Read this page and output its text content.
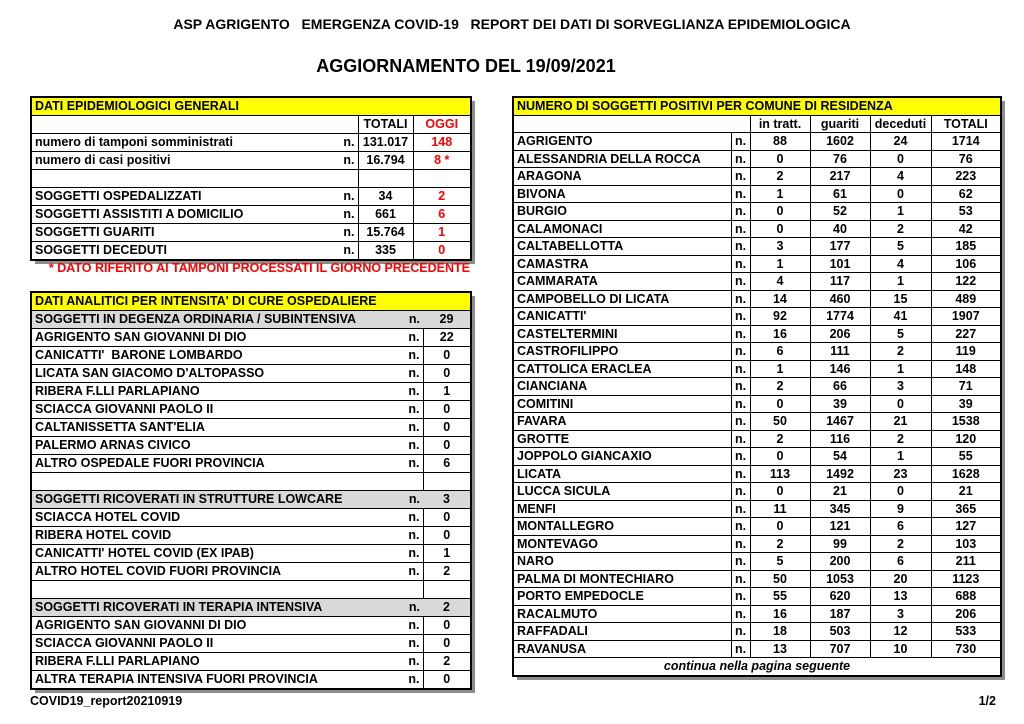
ASP AGRIGENTO   EMERGENZA COVID-19   REPORT DEI DATI DI SORVEGLIANZA EPIDEMIOLOGICA
AGGIORNAMENTO DEL 19/09/2021
DATI EPIDEMIOLOGICI GENERALI			
		TOTALI	OGGI
numero di tamponi somministrati	n.	131.017	148
numero di casi positivi	n.	16.794	8 *

SOGGETTI OSPEDALIZZATI	n.	34	2
SOGGETTI ASSISTITI A DOMICILIO	n.	661	6
SOGGETTI GUARITI	n.	15.764	1
SOGGETTI DECEDUTI	n.	335	0
* DATO RIFERITO AI TAMPONI PROCESSATI IL GIORNO PRECEDENTE
DATI ANALITICI PER INTENSITA' DI CURE OSPEDALIERE		
SOGGETTI IN DEGENZA ORDINARIA / SUBINTENSIVA	n.	29
AGRIGENTO SAN GIOVANNI DI DIO	n.	22
CANICATTI'  BARONE LOMBARDO	n.	0
LICATA SAN GIACOMO D'ALTOPASSO	n.	0
RIBERA F.LLI PARLAPIANO	n.	1
SCIACCA GIOVANNI PAOLO II	n.	0
CALTANISSETTA SANT'ELIA	n.	0
PALERMO ARNAS CIVICO	n.	0
ALTRO OSPEDALE FUORI PROVINCIA	n.	6

SOGGETTI RICOVERATI IN STRUTTURE LOWCARE	n.	3
SCIACCA HOTEL COVID	n.	0
RIBERA HOTEL COVID	n.	0
CANICATTI' HOTEL COVID (EX IPAB)	n.	1
ALTRO HOTEL COVID FUORI PROVINCIA	n.	2

SOGGETTI RICOVERATI IN TERAPIA INTENSIVA	n.	2
AGRIGENTO SAN GIOVANNI DI DIO	n.	0
SCIACCA GIOVANNI PAOLO II	n.	0
RIBERA F.LLI PARLAPIANO	n.	2
ALTRA TERAPIA INTENSIVA FUORI PROVINCIA	n.	0
NUMERO DI SOGGETTI POSITIVI PER COMUNE DI RESIDENZA					
		in tratt.	guariti	deceduti	TOTALI
AGRIGENTO	n.	88	1602	24	1714
ALESSANDRIA DELLA ROCCA	n.	0	76	0	76
ARAGONA	n.	2	217	4	223
BIVONA	n.	1	61	0	62
BURGIO	n.	0	52	1	53
CALAMONACI	n.	0	40	2	42
CALTABELLOTTA	n.	3	177	5	185
CAMASTRA	n.	1	101	4	106
CAMMARATA	n.	4	117	1	122
CAMPOBELLO DI LICATA	n.	14	460	15	489
CANICATTI'	n.	92	1774	41	1907
CASTELTERMINI	n.	16	206	5	227
CASTROFILIPPO	n.	6	111	2	119
CATTOLICA ERACLEA	n.	1	146	1	148
CIANCIANA	n.	2	66	3	71
COMITINI	n.	0	39	0	39
FAVARA	n.	50	1467	21	1538
GROTTE	n.	2	116	2	120
JOPPOLO GIANCAXIO	n.	0	54	1	55
LICATA	n.	113	1492	23	1628
LUCCA SICULA	n.	0	21	0	21
MENFI	n.	11	345	9	365
MONTALLEGRO	n.	0	121	6	127
MONTEVAGO	n.	2	99	2	103
NARO	n.	5	200	6	211
PALMA DI MONTECHIARO	n.	50	1053	20	1123
PORTO EMPEDOCLE	n.	55	620	13	688
RACALMUTO	n.	16	187	3	206
RAFFADALI	n.	18	503	12	533
RAVANUSA	n.	13	707	10	730
continua nella pagina seguente					
COVID19_report20210919	1/2
